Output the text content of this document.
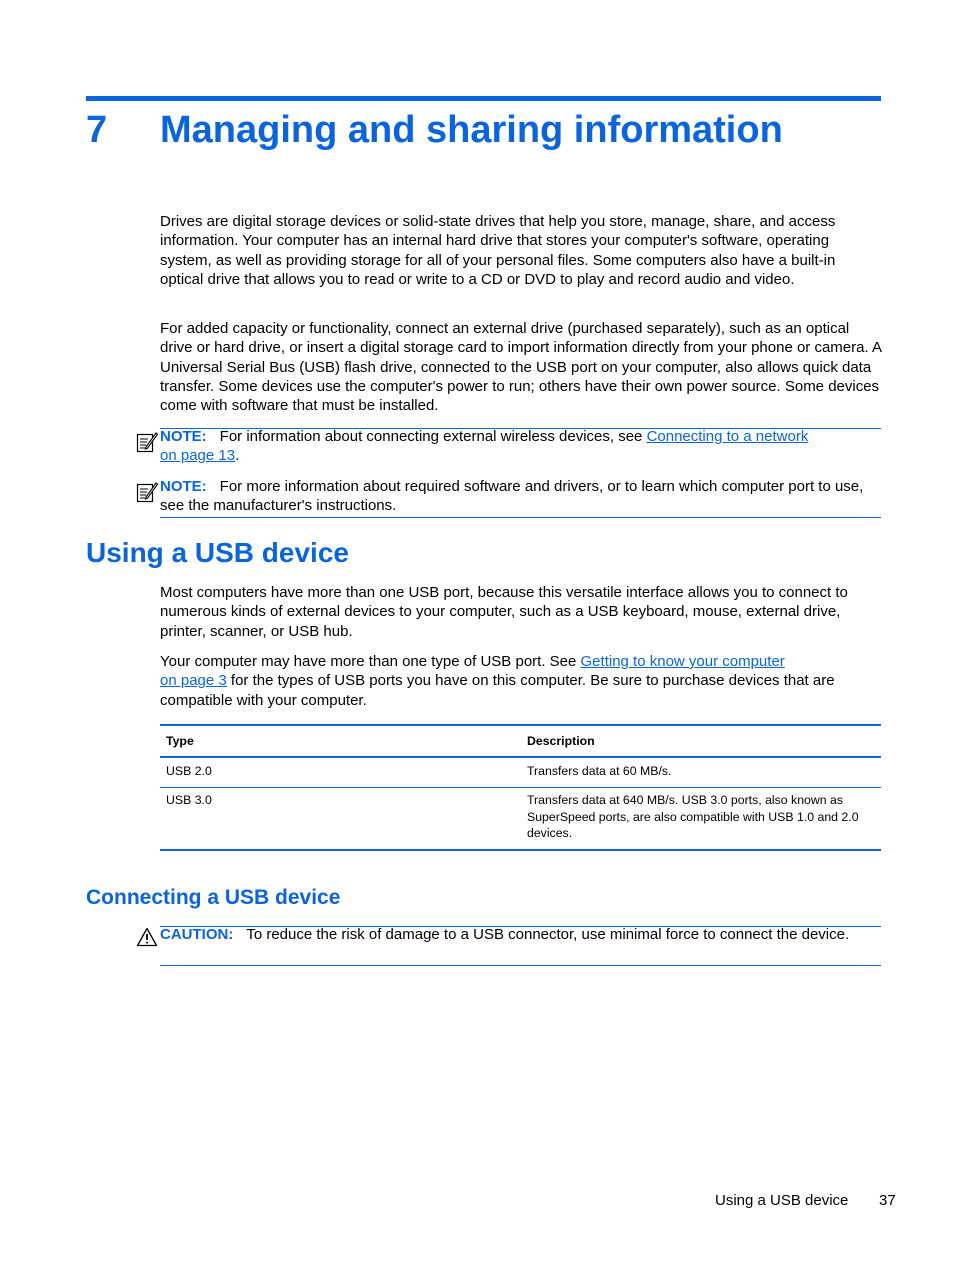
7 Managing and sharing information

Drives are digital storage devices or solid-state drives that help you store, manage, share, and access information. Your computer has an internal hard drive that stores your computer's software, operating system, as well as providing storage for all of your personal files. Some computers also have a built-in optical drive that allows you to read or write to a CD or DVD to play and record audio and video.

For added capacity or functionality, connect an external drive (purchased separately), such as an optical drive or hard drive, or insert a digital storage card to import information directly from your phone or camera. A Universal Serial Bus (USB) flash drive, connected to the USB port on your computer, also allows quick data transfer. Some devices use the computer's power to run; others have their own power source. Some devices come with software that must be installed.

NOTE: For information about connecting external wireless devices, see Connecting to a network
on page 13.
NOTE: For more information about required software and drivers, or to learn which computer port to use, see the manufacturer's instructions.
Using a USB device

Most computers have more than one USB port, because this versatile interface allows you to connect to numerous kinds of external devices to your computer, such as a USB keyboard, mouse, external drive, printer, scanner, or USB hub.

Your computer may have more than one type of USB port. See Getting to know your computer
on page 3 for the types of USB ports you have on this computer. Be sure to purchase devices that are compatible with your computer.

Type	Description
USB 2.0	Transfers data at 60 MB/s.
USB 3.0	Transfers data at 640 MB/s. USB 3.0 ports, also known as SuperSpeed ports, are also compatible with USB 1.0 and 2.0 devices.
Connecting a USB device
CAUTION: To reduce the risk of damage to a USB connector, use minimal force to connect the device.
Using a USB device 37
